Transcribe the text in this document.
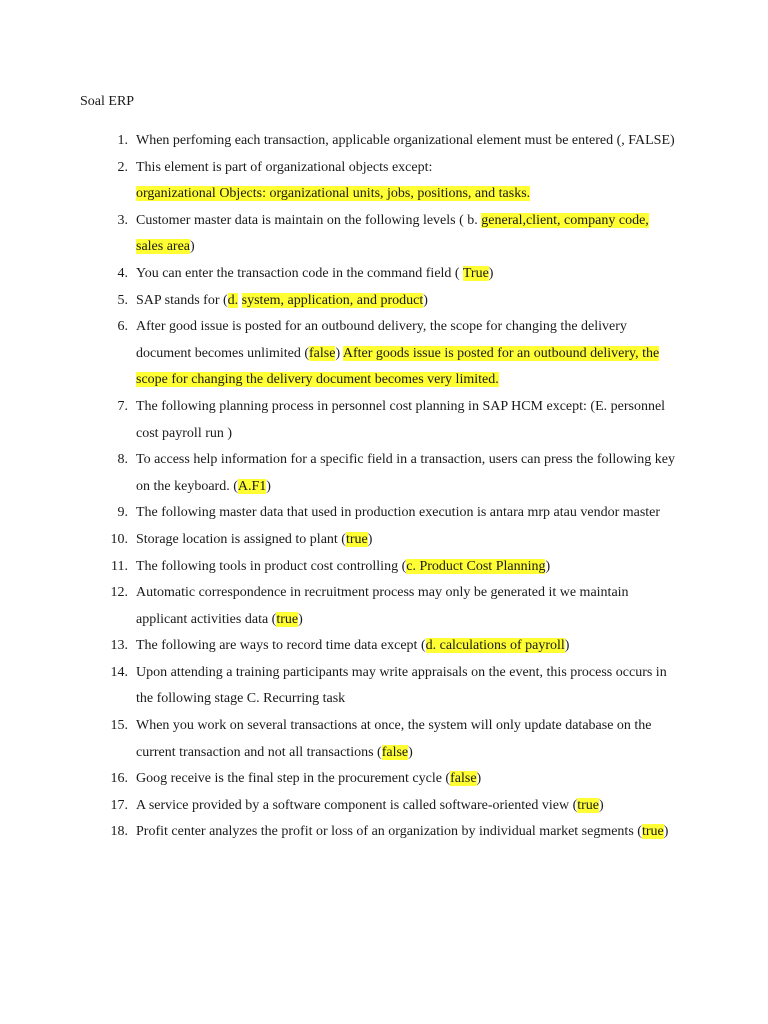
Soal ERP
1. When perfoming each transaction, applicable organizational element must be entered (, FALSE)
2. This element is part of organizational objects except:
organizational Objects: organizational units, jobs, positions, and tasks.
3. Customer master data is maintain on the following levels ( b. general,client, company code, sales area)
4. You can enter the transaction code in the command field ( True)
5. SAP stands for (d. system, application, and product)
6. After good issue is posted for an outbound delivery, the scope for changing the delivery document becomes unlimited (false) After goods issue is posted for an outbound delivery, the scope for changing the delivery document becomes very limited.
7. The following planning process in personnel cost planning in SAP HCM except: (E. personnel cost payroll run )
8. To access help information for a specific field in a transaction, users can press the following key on the keyboard. (A.F1)
9. The following master data that used in production execution is antara mrp atau vendor master
10. Storage location is assigned to plant (true)
11. The following tools in product cost controlling (c. Product Cost Planning)
12. Automatic correspondence in recruitment process may only be generated it we maintain applicant activities data (true)
13. The following are ways to record time data except (d. calculations of payroll)
14. Upon attending a training participants may write appraisals on the event, this process occurs in the following stage C. Recurring task
15. When you work on several transactions at once, the system will only update database on the current transaction and not all transactions (false)
16. Goog receive is the final step in the procurement cycle (false)
17. A service provided by a software component is called software-oriented view (true)
18. Profit center analyzes the profit or loss of an organization by individual market segments (true)
